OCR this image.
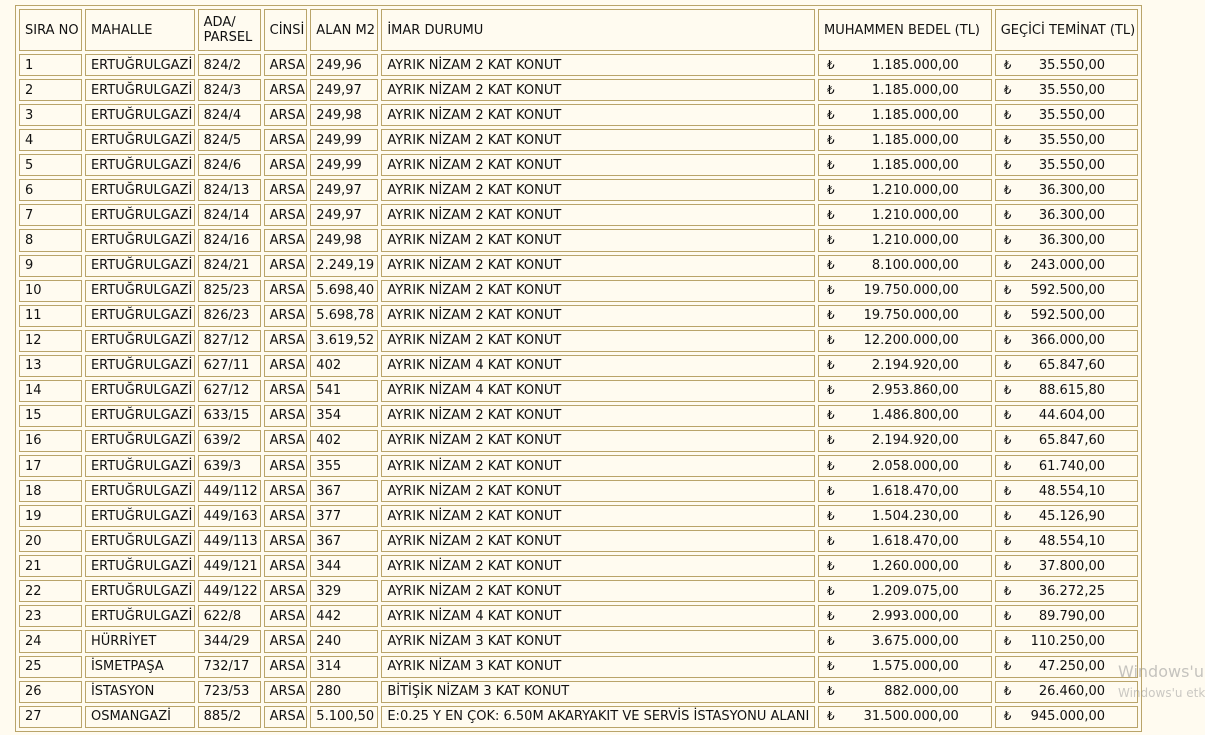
SIRA NO	MAHALLE	ADA/
PARSEL	CİNSİ	ALAN M2	İMAR DURUMU	MUHAMMEN BEDEL (TL)	GEÇİCİ TEMİNAT (TL)
1	ERTUĞRULGAZİ	824/2	ARSA	249,96	AYRIK NİZAM 2 KAT KONUT	₺ 1.185.000,00	₺ 35.550,00

2	ERTUĞRULGAZİ	824/3	ARSA	249,97	AYRIK NİZAM 2 KAT KONUT	₺ 1.185.000,00	₺ 35.550,00

3	ERTUĞRULGAZİ	824/4	ARSA	249,98	AYRIK NİZAM 2 KAT KONUT	₺ 1.185.000,00	₺ 35.550,00

4	ERTUĞRULGAZİ	824/5	ARSA	249,99	AYRIK NİZAM 2 KAT KONUT	₺ 1.185.000,00	₺ 35.550,00

5	ERTUĞRULGAZİ	824/6	ARSA	249,99	AYRIK NİZAM 2 KAT KONUT	₺ 1.185.000,00	₺ 35.550,00

6	ERTUĞRULGAZİ	824/13	ARSA	249,97	AYRIK NİZAM 2 KAT KONUT	₺ 1.210.000,00	₺ 36.300,00

7	ERTUĞRULGAZİ	824/14	ARSA	249,97	AYRIK NİZAM 2 KAT KONUT	₺ 1.210.000,00	₺ 36.300,00

8	ERTUĞRULGAZİ	824/16	ARSA	249,98	AYRIK NİZAM 2 KAT KONUT	₺ 1.210.000,00	₺ 36.300,00

9	ERTUĞRULGAZİ	824/21	ARSA	2.249,19	AYRIK NİZAM 2 KAT KONUT	₺ 8.100.000,00	₺ 243.000,00

10	ERTUĞRULGAZİ	825/23	ARSA	5.698,40	AYRIK NİZAM 2 KAT KONUT	₺ 19.750.000,00	₺ 592.500,00

11	ERTUĞRULGAZİ	826/23	ARSA	5.698,78	AYRIK NİZAM 2 KAT KONUT	₺ 19.750.000,00	₺ 592.500,00

12	ERTUĞRULGAZİ	827/12	ARSA	3.619,52	AYRIK NİZAM 2 KAT KONUT	₺ 12.200.000,00	₺ 366.000,00

13	ERTUĞRULGAZİ	627/11	ARSA	402	AYRIK NİZAM 4 KAT KONUT	₺ 2.194.920,00	₺ 65.847,60

14	ERTUĞRULGAZİ	627/12	ARSA	541	AYRIK NİZAM 4 KAT KONUT	₺ 2.953.860,00	₺ 88.615,80

15	ERTUĞRULGAZİ	633/15	ARSA	354	AYRIK NİZAM 2 KAT KONUT	₺ 1.486.800,00	₺ 44.604,00

16	ERTUĞRULGAZİ	639/2	ARSA	402	AYRIK NİZAM 2 KAT KONUT	₺ 2.194.920,00	₺ 65.847,60

17	ERTUĞRULGAZİ	639/3	ARSA	355	AYRIK NİZAM 2 KAT KONUT	₺ 2.058.000,00	₺ 61.740,00

18	ERTUĞRULGAZİ	449/112	ARSA	367	AYRIK NİZAM 2 KAT KONUT	₺ 1.618.470,00	₺ 48.554,10

19	ERTUĞRULGAZİ	449/163	ARSA	377	AYRIK NİZAM 2 KAT KONUT	₺ 1.504.230,00	₺ 45.126,90

20	ERTUĞRULGAZİ	449/113	ARSA	367	AYRIK NİZAM 2 KAT KONUT	₺ 1.618.470,00	₺ 48.554,10

21	ERTUĞRULGAZİ	449/121	ARSA	344	AYRIK NİZAM 2 KAT KONUT	₺ 1.260.000,00	₺ 37.800,00

22	ERTUĞRULGAZİ	449/122	ARSA	329	AYRIK NİZAM 2 KAT KONUT	₺ 1.209.075,00	₺ 36.272,25

23	ERTUĞRULGAZİ	622/8	ARSA	442	AYRIK NİZAM 4 KAT KONUT	₺ 2.993.000,00	₺ 89.790,00

24	HÜRRİYET	344/29	ARSA	240	AYRIK NİZAM 3 KAT KONUT	₺ 3.675.000,00	₺ 110.250,00

25	İSMETPAŞA	732/17	ARSA	314	AYRIK NİZAM 3 KAT KONUT	₺ 1.575.000,00	₺ 47.250,00

26	İSTASYON	723/53	ARSA	280	BİTİŞİK NİZAM 3 KAT KONUT	₺ 882.000,00	₺ 26.460,00

27	OSMANGAZİ	885/2	ARSA	5.100,50	E:0.25 Y EN ÇOK: 6.50M AKARYAKIT VE SERVİS İSTASYONU ALANI	₺ 31.500.000,00	₺ 945.000,00
Windows'u
Windows'u etk
